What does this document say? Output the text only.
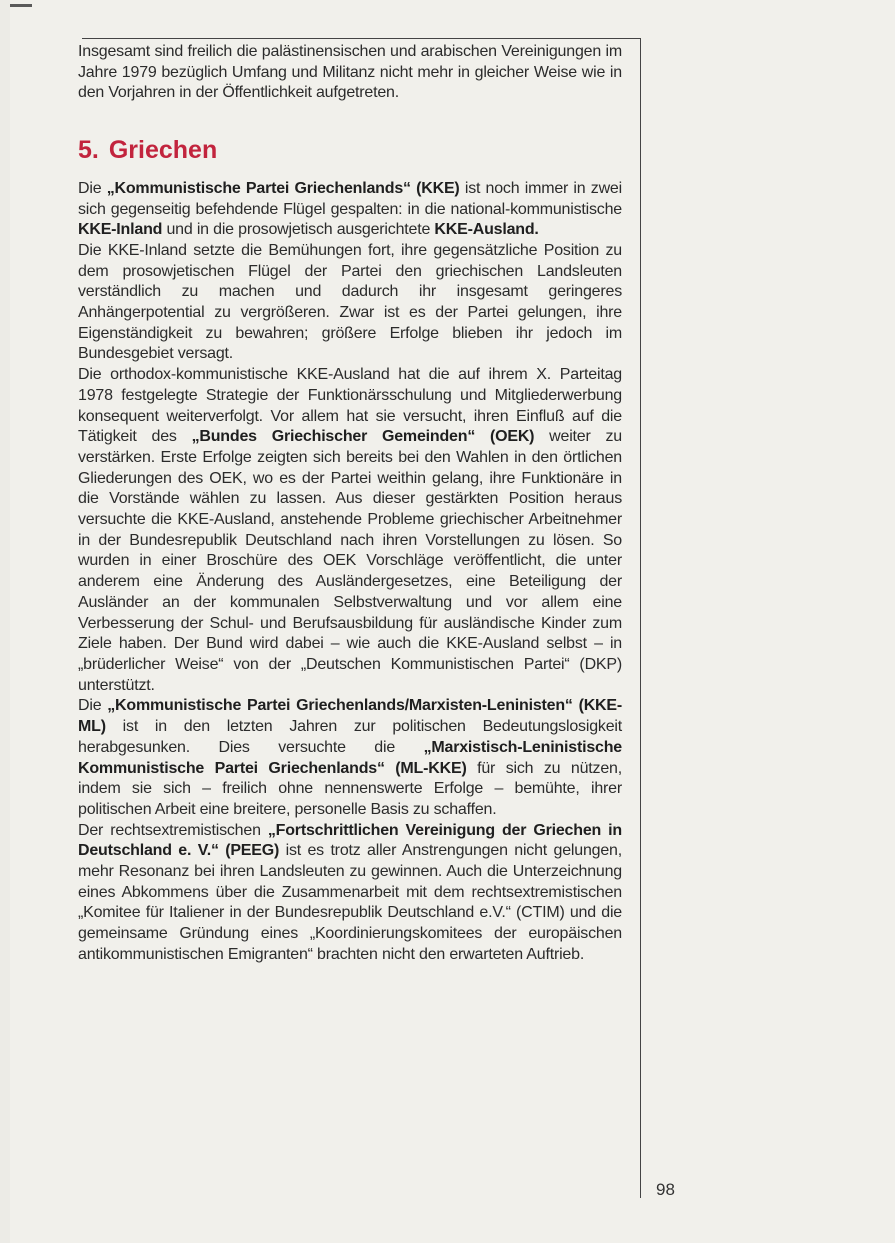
Insgesamt sind freilich die palästinensischen und arabischen Vereinigungen im Jahre 1979 bezüglich Umfang und Militanz nicht mehr in gleicher Weise wie in den Vorjahren in der Öffentlichkeit aufgetreten.

5. Griechen

Die „Kommunistische Partei Griechenlands“ (KKE) ist noch immer in zwei sich gegenseitig befehdende Flügel gespalten: in die national-kommunistische KKE-Inland und in die prosowjetisch ausgerichtete KKE-Ausland.

Die KKE-Inland setzte die Bemühungen fort, ihre gegensätzliche Position zu dem prosowjetischen Flügel der Partei den griechischen Landsleuten verständlich zu machen und dadurch ihr insgesamt geringeres Anhängerpotential zu vergrößeren. Zwar ist es der Partei gelungen, ihre Eigenständigkeit zu bewahren; größere Erfolge blieben ihr jedoch im Bundesgebiet versagt.

Die orthodox-kommunistische KKE-Ausland hat die auf ihrem X. Parteitag 1978 festgelegte Strategie der Funktionärsschulung und Mitgliederwerbung konsequent weiterverfolgt. Vor allem hat sie versucht, ihren Einfluß auf die Tätigkeit des „Bundes Griechischer Gemeinden“ (OEK) weiter zu verstärken. Erste Erfolge zeigten sich bereits bei den Wahlen in den örtlichen Gliederungen des OEK, wo es der Partei weithin gelang, ihre Funktionäre in die Vorstände wählen zu lassen. Aus dieser gestärkten Position heraus versuchte die KKE-Ausland, anstehende Probleme griechischer Arbeitnehmer in der Bundesrepublik Deutschland nach ihren Vorstellungen zu lösen. So wurden in einer Broschüre des OEK Vorschläge veröffentlicht, die unter anderem eine Änderung des Ausländergesetzes, eine Beteiligung der Ausländer an der kommunalen Selbstverwaltung und vor allem eine Verbesserung der Schul- und Berufsausbildung für ausländische Kinder zum Ziele haben. Der Bund wird dabei – wie auch die KKE-Ausland selbst – in „brüderlicher Weise“ von der „Deutschen Kommunistischen Partei“ (DKP) unterstützt.

Die „Kommunistische Partei Griechenlands/Marxisten-Leninisten“ (KKE-ML) ist in den letzten Jahren zur politischen Bedeutungslosigkeit herabgesunken. Dies versuchte die „Marxistisch-Leninistische Kommunistische Partei Griechenlands“ (ML-KKE) für sich zu nützen, indem sie sich – freilich ohne nennenswerte Erfolge – bemühte, ihrer politischen Arbeit eine breitere, personelle Basis zu schaffen.

Der rechtsextremistischen „Fortschrittlichen Vereinigung der Griechen in Deutschland e. V.“ (PEEG) ist es trotz aller Anstrengungen nicht gelungen, mehr Resonanz bei ihren Landsleuten zu gewinnen. Auch die Unterzeichnung eines Abkommens über die Zusammenarbeit mit dem rechtsextremistischen „Komitee für Italiener in der Bundesrepublik Deutschland e.V.“ (CTIM) und die gemeinsame Gründung eines „Koordinierungskomitees der europäischen antikommunistischen Emigranten“ brachten nicht den erwarteten Auftrieb.

98
